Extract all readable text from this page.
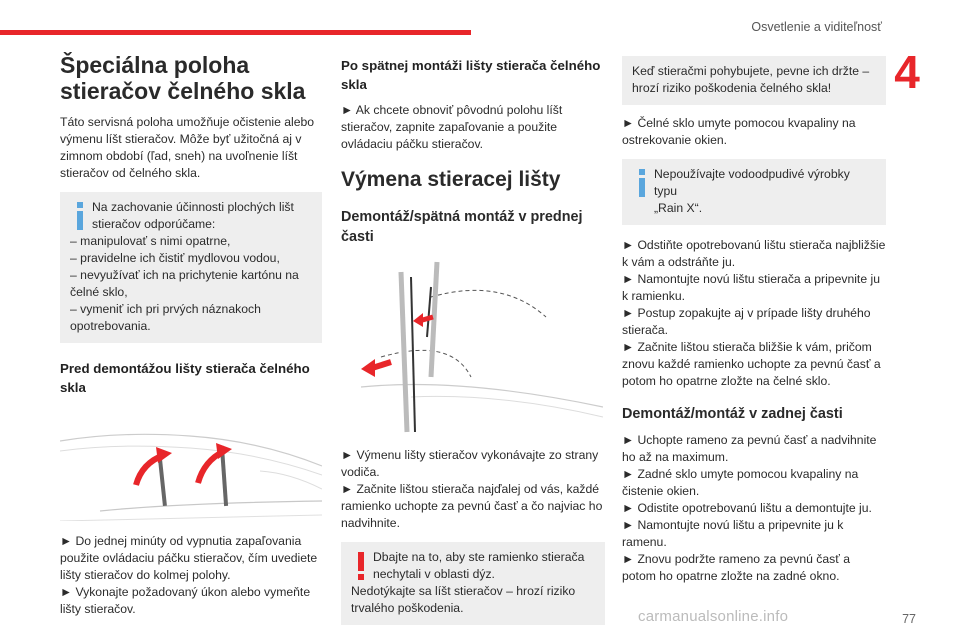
Osvetlenie a viditeľnosť
4
Špeciálna poloha stieračov čelného skla

Táto servisná poloha umožňuje očistenie alebo výmenu líšt stieračov. Môže byť užitočná aj v zimnom období (ľad, sneh) na uvoľnenie líšt stieračov od čelného skla.

Na zachovanie účinnosti plochých lišt
stieračov odporúčame:
– manipulovať s nimi opatrne,
– pravidelne ich čistiť mydlovou vodou,
– nevyužívať ich na prichytenie kartónu na
čelné sklo,
– vymeniť ich pri prvých náznakoch
opotrebovania.
Pred demontážou lišty stierača čelného skla

► Do jednej minúty od vypnutia zapaľovania použite ovládaciu páčku stieračov, čím uvediete lišty stieračov do kolmej polohy.

► Vykonajte požadovaný úkon alebo vymeňte lišty stieračov.

Po spätnej montáži lišty stierača čelného skla

► Ak chcete obnoviť pôvodnú polohu líšt stieračov, zapnite zapaľovanie a použite ovládaciu páčku stieračov.

Výmena stieracej lišty
Demontáž/spätná montáž v prednej časti

► Výmenu lišty stieračov vykonávajte zo strany vodiča.

► Začnite lištou stierača najďalej od vás, každé ramienko uchopte za pevnú časť a čo najviac ho nadvihnite.

Dbajte na to, aby ste ramienko stierača
nechytali v oblasti dýz.
Nedotýkajte sa líšt stieračov – hrozí riziko
trvalého poškodenia.
Keď stieračmi pohybujete, pevne ich držte –
hrozí riziko poškodenia čelného skla!

► Čelné sklo umyte pomocou kvapaliny na ostrekovanie okien.

Nepoužívajte vodoodpudivé výrobky typu
„Rain X“.

► Odstiňte opotrebovanú lištu stierača najbližšie k vám a odstráňte ju.

► Namontujte novú lištu stierača a pripevnite ju k ramienku.

► Postup zopakujte aj v prípade lišty druhého stierača.

► Začnite lištou stierača bližšie k vám, pričom znovu každé ramienko uchopte za pevnú časť a potom ho opatrne zložte na čelné sklo.

Demontáž/montáž v zadnej časti

► Uchopte rameno za pevnú časť a nadvihnite ho až na maximum.

► Zadné sklo umyte pomocou kvapaliny na čistenie okien.

► Odistite opotrebovanú lištu a demontujte ju.

► Namontujte novú lištu a pripevnite ju k ramenu.

► Znovu podržte rameno za pevnú časť a potom ho opatrne zložte na zadné okno.

carmanualsonline.info	77
